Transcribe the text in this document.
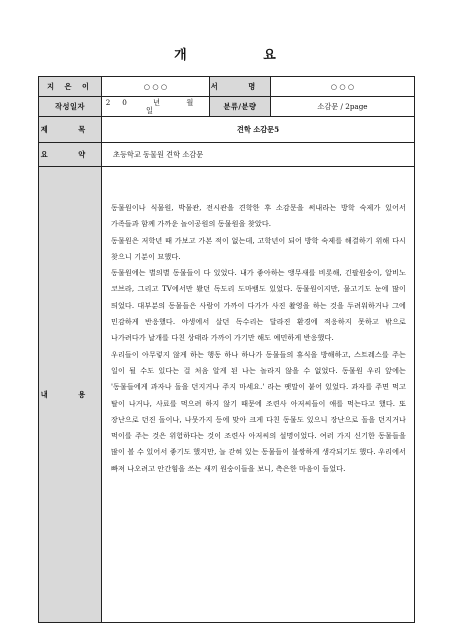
개 요
지 은 이	○ ○ ○	서 명	○ ○ ○
작성일자	20 년 월 일	분류/분량	소감문 / 2page
제 목	견학 소감문5		
요 약	초등학교 동물원 견학 소감문		
내 용	동물원이나 식물원, 박물관, 전시관을 견학한 후 소감문을 써내라는 방학 숙제가 있어서 가족들과 함께 가까운 놀이공원의 동물원을 찾았다.

동물원은 저학년 때 가보고 가본 적이 없는데, 고학년이 되어 방학 숙제를 해결하기 위해 다시 찾으니 기분이 묘했다.

동물원에는 별의별 동물들이 다 있었다. 내가 좋아하는 앵무새를 비롯해, 긴팔원숭이, 알비노 코브라, 그리고 TV에서만 봤던 독도리 도마뱀도 있었다. 동물원이지만, 물고기도 눈에 많이 띄었다. 대부분의 동물들은 사람이 가까이 다가가 사진 촬영을 하는 것을 두려워하거나 그에 민감하게 반응했다. 야생에서 살던 독수리는 달라진 환경에 적응하지 못하고 밖으로 나가려다가 날개를 다친 상태라 가까이 가기만 해도 예민하게 반응했다.

우리들이 아무렇지 않게 하는 행동 하나 하나가 동물들의 휴식을 방해하고, 스트레스를 주는 일이 될 수도 있다는 걸 처음 알게 된 나는 놀라지 않을 수 없었다. 동물원 우리 앞에는 '동물들에게 과자나 돌을 던지거나 주지 마세요.' 라는 팻말이 붙어 있었다. 과자를 주면 먹고 탈이 나거나, 사료를 먹으려 하지 않기 때문에 조련사 아저씨들이 애를 먹는다고 했다. 또 장난으로 던진 돌이나, 나뭇가지 등에 맞아 크게 다친 동물도 있으니 장난으로 돌을 던지거나 먹이를 주는 것은 위험하다는 것이 조련사 아저씨의 설명이었다. 여러 가지 신기한 동물들을 많이 볼 수 있어서 좋기도 했지만, 늘 갇혀 있는 동물들이 불쌍하게 생각되기도 했다. 우리에서 빠져 나오려고 안간힘을 쓰는 새끼 원숭이들을 보니, 측은한 마음이 들었다.		
